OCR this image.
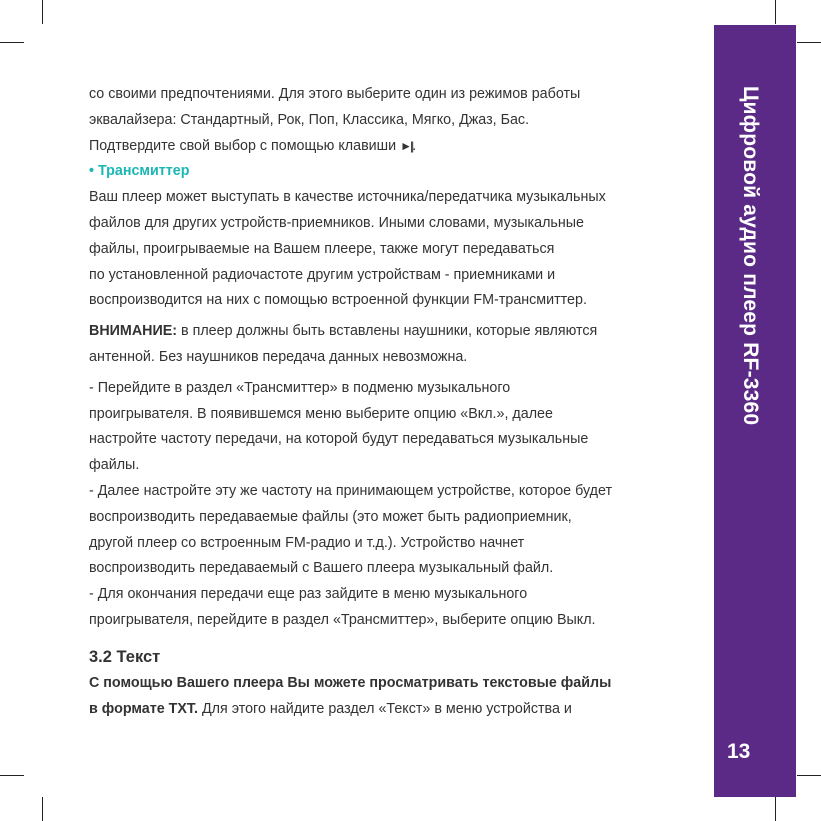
Цифровой аудио плеер RF-3360
13
со своими предпочтениями. Для этого выберите один из режимов работы
эквалайзера: Стандартный, Рок, Поп, Классика, Мягко, Джаз, Бас.
Подтвердите свой выбор с помощью клавиши ►||.
• Трансмиттер
Ваш плеер может выступать в качестве источника/передатчика музыкальных
файлов для других устройств-приемников. Иными словами, музыкальные
файлы, проигрываемые на Вашем плеере, также могут передаваться
по установленной радиочастоте другим устройствам - приемниками и
воспроизводится на них с помощью встроенной функции FM-трансмиттер.
ВНИМАНИЕ: в плеер должны быть вставлены наушники, которые являются
антенной. Без наушников передача данных невозможна.
- Перейдите в раздел «Трансмиттер» в подменю музыкального
проигрывателя. В появившемся меню выберите опцию «Вкл.», далее
настройте частоту передачи, на которой будут передаваться музыкальные
файлы.
- Далее настройте эту же частоту на принимающем устройстве, которое будет
воспроизводить передаваемые файлы (это может быть радиоприемник,
другой плеер со встроенным FM-радио и т.д.). Устройство начнет
воспроизводить передаваемый с Вашего плеера музыкальный файл.
- Для окончания передачи еще раз зайдите в меню музыкального
проигрывателя, перейдите в раздел «Трансмиттер», выберите опцию Выкл.
3.2 Текст
С помощью Вашего плеера Вы можете просматривать текстовые файлы
в формате TXT. Для этого найдите раздел «Текст» в меню устройства и
